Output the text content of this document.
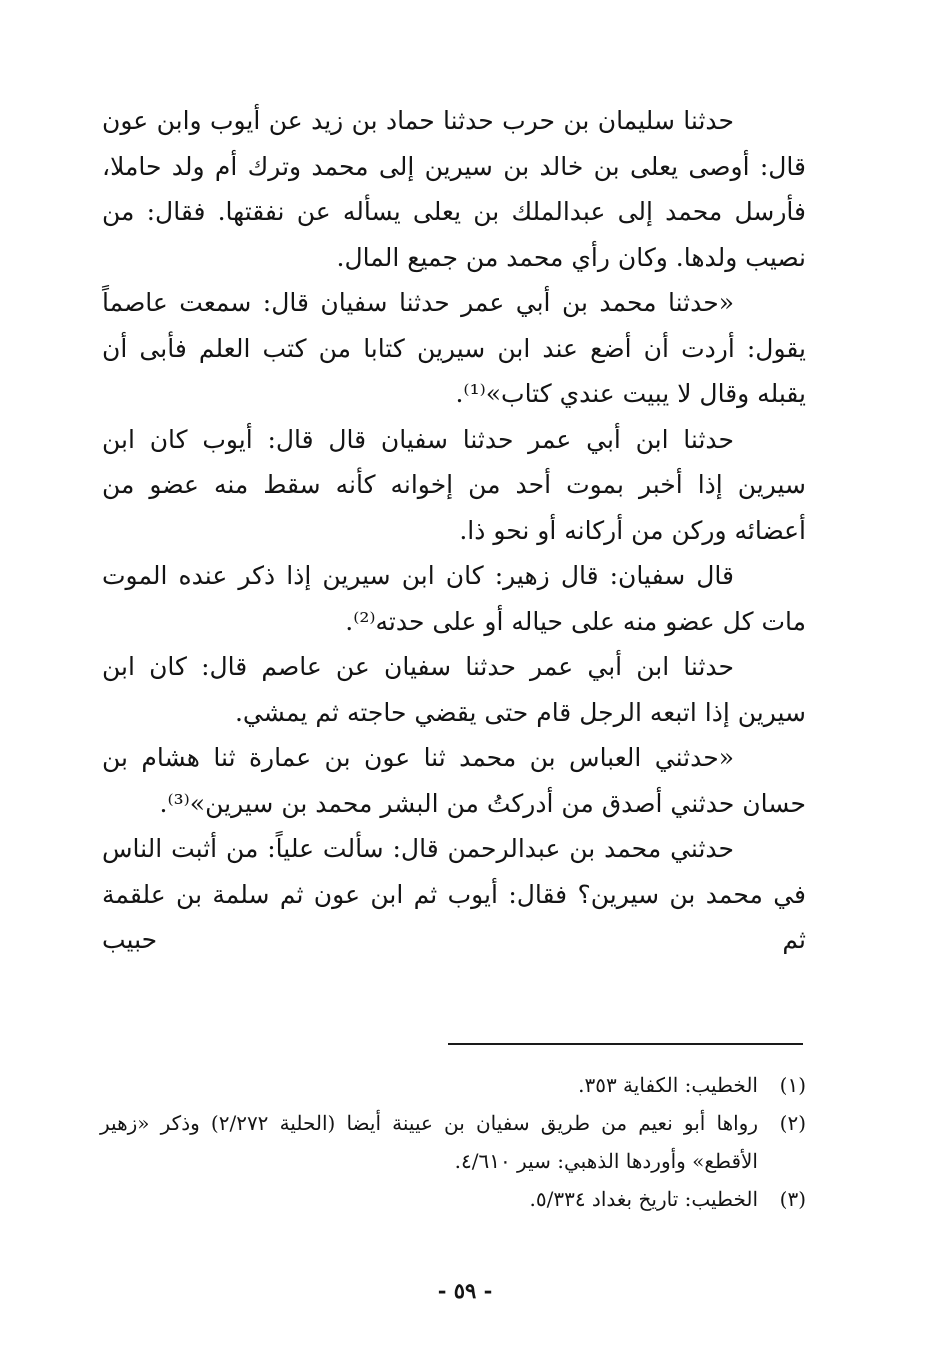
حدثنا سليمان بن حرب حدثنا حماد بن زيد عن أيوب وابن عون قال: أوصى يعلى بن خالد بن سيرين إلى محمد وترك أم ولد حاملا، فأرسل محمد إلى عبدالملك بن يعلى يسأله عن نفقتها. فقال: من نصيب ولدها. وكان رأي محمد من جميع المال.

«حدثنا محمد بن أبي عمر حدثنا سفيان قال: سمعت عاصماً يقول: أردت أن أضع عند ابن سيرين كتابا من كتب العلم فأبى أن يقبله وقال لا يبيت عندي كتاب»⁽¹⁾.

حدثنا ابن أبي عمر حدثنا سفيان قال قال: أيوب كان ابن سيرين إذا أخبر بموت أحد من إخوانه كأنه سقط منه عضو من أعضائه وركن من أركانه أو نحو ذا.

قال سفيان: قال زهير: كان ابن سيرين إذا ذكر عنده الموت مات كل عضو منه على حياله أو على حدته⁽²⁾.

حدثنا ابن أبي عمر حدثنا سفيان عن عاصم قال: كان ابن سيرين إذا اتبعه الرجل قام حتى يقضي حاجته ثم يمشي.

«حدثني العباس بن محمد ثنا عون بن عمارة ثنا هشام بن حسان حدثني أصدق من أدركتُ من البشر محمد بن سيرين»⁽³⁾.

حدثني محمد بن عبدالرحمن قال: سألت علياً: من أثبت الناس في محمد بن سيرين؟ فقال: أيوب ثم ابن عون ثم سلمة بن علقمة ثم حبيب

(١)
الخطيب: الكفاية ٣٥٣.
(٢)
رواها أبو نعيم من طريق سفيان بن عيينة أيضا (الحلية ٢/٢٧٢) وذكر «زهير الأقطع» وأوردها الذهبي: سير ٤/٦١٠.
(٣)
الخطيب: تاريخ بغداد ٥/٣٣٤.
- ٥٩ -
